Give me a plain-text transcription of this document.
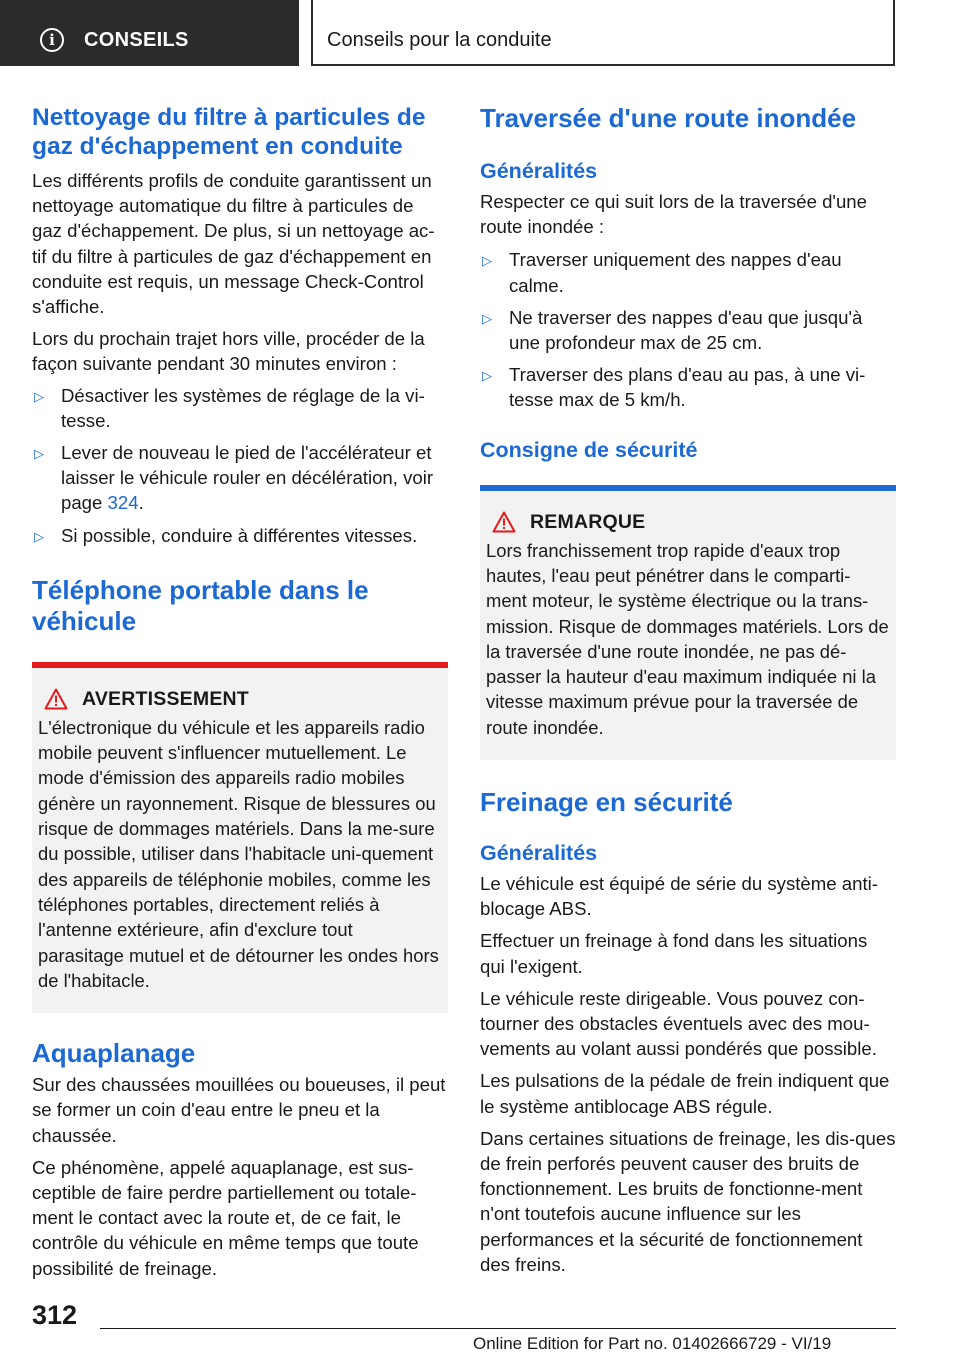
i	CONSEILS	Conseils pour la conduite
Nettoyage du filtre à particules de gaz d'échappement en conduite

Les différents profils de conduite garantissent un nettoyage automatique du filtre à particules de gaz d'échappement. De plus, si un nettoyage ac‐tif du filtre à particules de gaz d'échappement en conduite est requis, un message Check-Control s'affiche.

Lors du prochain trajet hors ville, procéder de la façon suivante pendant 30 minutes environ :

▷ Désactiver les systèmes de réglage de la vi‐tesse.
▷ Lever de nouveau le pied de l'accélérateur et laisser le véhicule rouler en décélération, voir page 324.
▷ Si possible, conduire à différentes vitesses.
Téléphone portable dans le véhicule
AVERTISSEMENT

L'électronique du véhicule et les appareils radio mobile peuvent s'influencer mutuellement. Le mode d'émission des appareils radio mobiles génère un rayonnement. Risque de blessures ou risque de dommages matériels. Dans la me‐sure du possible, utiliser dans l'habitacle uni‐quement des appareils de téléphonie mobiles, comme les téléphones portables, directement reliés à l'antenne extérieure, afin d'exclure tout parasitage mutuel et de détourner les ondes hors de l'habitacle.

Aquaplanage

Sur des chaussées mouillées ou boueuses, il peut se former un coin d'eau entre le pneu et la chaussée.

Ce phénomène, appelé aquaplanage, est sus‐ceptible de faire perdre partiellement ou totale‐ment le contact avec la route et, de ce fait, le contrôle du véhicule en même temps que toute possibilité de freinage.

Traversée d'une route inondée
Généralités

Respecter ce qui suit lors de la traversée d'une route inondée :

▷ Traverser uniquement des nappes d'eau calme.
▷ Ne traverser des nappes d'eau que jusqu'à une profondeur max de 25 cm.
▷ Traverser des plans d'eau au pas, à une vi‐tesse max de 5 km/h.
Consigne de sécurité
REMARQUE

Lors franchissement trop rapide d'eaux trop hautes, l'eau peut pénétrer dans le comparti‐ment moteur, le système électrique ou la trans‐mission. Risque de dommages matériels. Lors de la traversée d'une route inondée, ne pas dé‐passer la hauteur d'eau maximum indiquée ni la vitesse maximum prévue pour la traversée de route inondée.

Freinage en sécurité
Généralités

Le véhicule est équipé de série du système anti‐blocage ABS.

Effectuer un freinage à fond dans les situations qui l'exigent.

Le véhicule reste dirigeable. Vous pouvez con‐tourner des obstacles éventuels avec des mou‐vements au volant aussi pondérés que possible.

Les pulsations de la pédale de frein indiquent que le système antiblocage ABS régule.

Dans certaines situations de freinage, les dis‐ques de frein perforés peuvent causer des bruits de fonctionnement. Les bruits de fonctionne‐ment n'ont toutefois aucune influence sur les performances et la sécurité de fonctionnement des freins.

312
Online Edition for Part no. 01402666729 - VI/19
